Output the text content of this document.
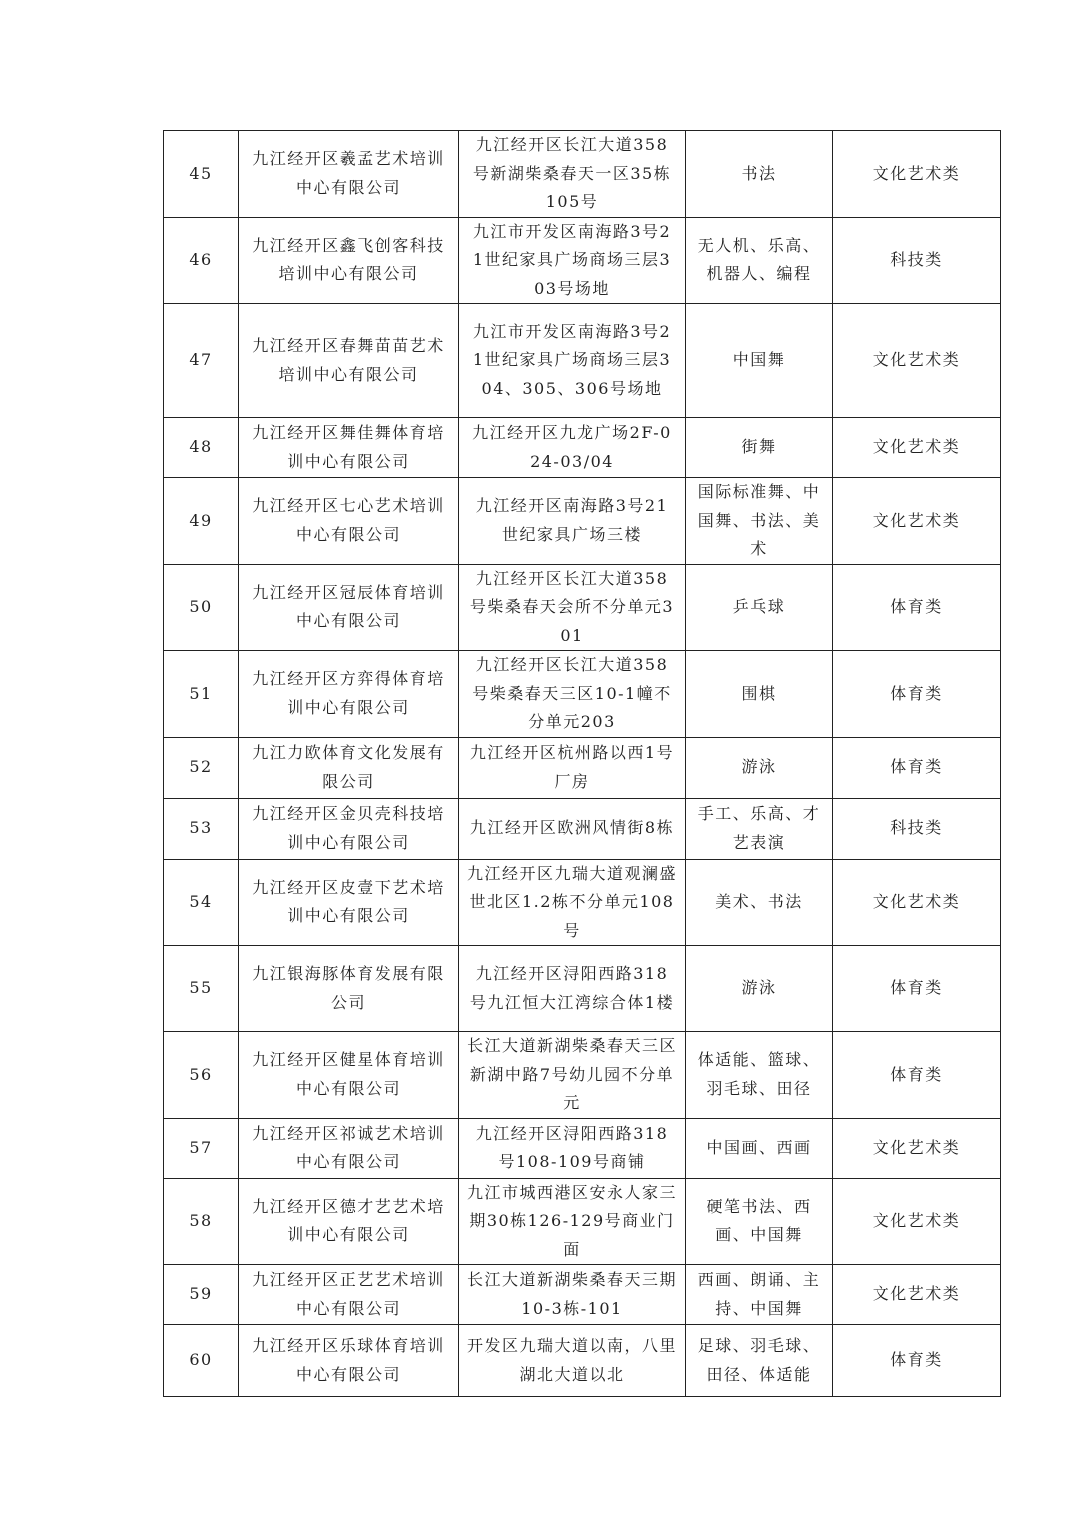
45	九江经开区羲孟艺术培训中心有限公司	九江经开区长江大道358号新湖柴桑春天一区35栋105号	书法	文化艺术类

46	九江经开区鑫飞创客科技培训中心有限公司	九江市开发区南海路3号21世纪家具广场商场三层303号场地	无人机、乐高、机器人、编程	科技类

47	九江经开区春舞苗苗艺术培训中心有限公司	九江市开发区南海路3号21世纪家具广场商场三层304、305、306号场地	中国舞	文化艺术类

48	九江经开区舞佳舞体育培训中心有限公司	九江经开区九龙广场2F-024-03/04	街舞	文化艺术类

49	九江经开区七心艺术培训中心有限公司	九江经开区南海路3号21世纪家具广场三楼	国际标准舞、中国舞、书法、美术	文化艺术类

50	九江经开区冠辰体育培训中心有限公司	九江经开区长江大道358号柴桑春天会所不分单元301	乒乓球	体育类

51	九江经开区方弈得体育培训中心有限公司	九江经开区长江大道358号柴桑春天三区10-1幢不分单元203	围棋	体育类

52	九江力欧体育文化发展有限公司	九江经开区杭州路以西1号厂房	游泳	体育类

53	九江经开区金贝壳科技培训中心有限公司	九江经开区欧洲风情街8栋	手工、乐高、才艺表演	科技类

54	九江经开区皮壹下艺术培训中心有限公司	九江经开区九瑞大道观澜盛世北区1.2栋不分单元108号	美术、书法	文化艺术类

55	九江银海豚体育发展有限公司	九江经开区浔阳西路318号九江恒大江湾综合体1楼	游泳	体育类

56	九江经开区健星体育培训中心有限公司	长江大道新湖柴桑春天三区新湖中路7号幼儿园不分单元	体适能、篮球、羽毛球、田径	体育类

57	九江经开区祁诚艺术培训中心有限公司	九江经开区浔阳西路318号108-109号商铺	中国画、西画	文化艺术类

58	九江经开区德才艺艺术培训中心有限公司	九江市城西港区安永人家三期30栋126-129号商业门面	硬笔书法、西画、中国舞	文化艺术类

59	九江经开区正艺艺术培训中心有限公司	长江大道新湖柴桑春天三期10-3栋-101	西画、朗诵、主持、中国舞	文化艺术类

60	九江经开区乐球体育培训中心有限公司	开发区九瑞大道以南，八里湖北大道以北	足球、羽毛球、田径、体适能	体育类
